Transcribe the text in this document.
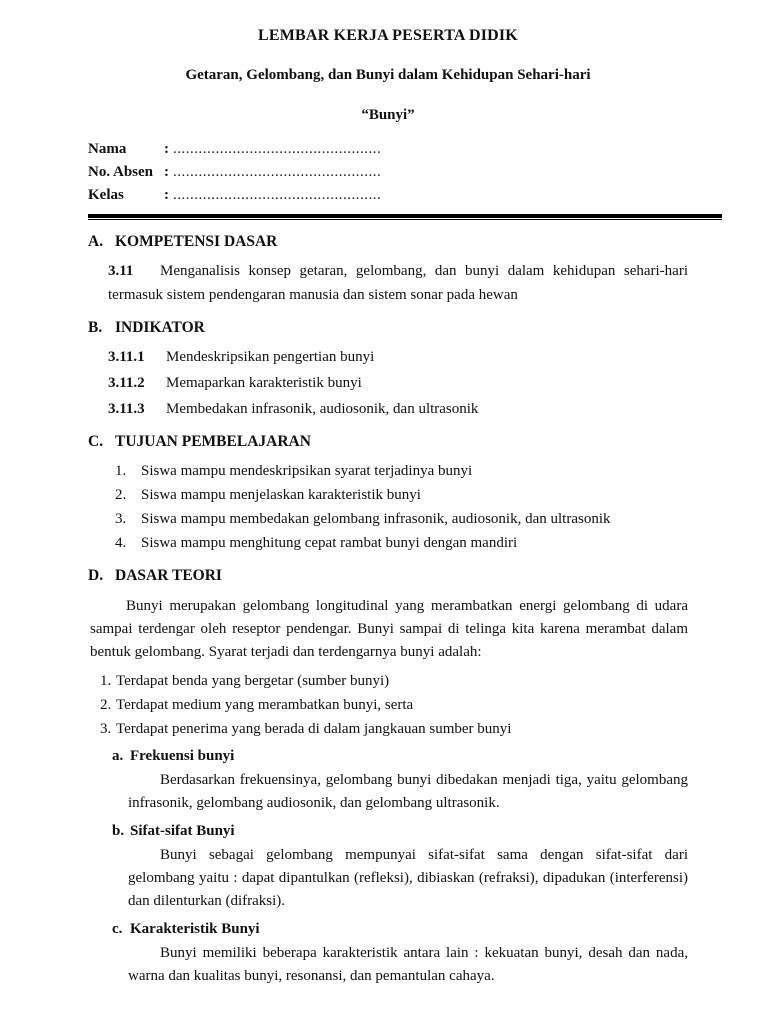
LEMBAR KERJA PESERTA DIDIK
Getaran, Gelombang, dan Bunyi dalam Kehidupan Sehari-hari
“Bunyi”
Nama	: .................................................
No. Absen : .................................................
Kelas	: .................................................
A. KOMPETENSI DASAR
3.11 Menganalisis konsep getaran, gelombang, dan bunyi dalam kehidupan sehari-hari termasuk sistem pendengaran manusia dan sistem sonar pada hewan
B. INDIKATOR
3.11.1 Mendeskripsikan pengertian bunyi
3.11.2 Memaparkan karakteristik bunyi
3.11.3 Membedakan infrasonik, audiosonik, dan ultrasonik
C. TUJUAN PEMBELAJARAN
1. Siswa mampu mendeskripsikan syarat terjadinya bunyi
2. Siswa mampu menjelaskan karakteristik bunyi
3. Siswa mampu membedakan gelombang infrasonik, audiosonik, dan ultrasonik
4. Siswa mampu menghitung cepat rambat bunyi dengan mandiri
D. DASAR TEORI
Bunyi merupakan gelombang longitudinal yang merambatkan energi gelombang di udara sampai terdengar oleh reseptor pendengar. Bunyi sampai di telinga kita karena merambat dalam bentuk gelombang. Syarat terjadi dan terdengarnya bunyi adalah:
1. Terdapat benda yang bergetar (sumber bunyi)
2. Terdapat medium yang merambatkan bunyi, serta
3. Terdapat penerima yang berada di dalam jangkauan sumber bunyi
a. Frekuensi bunyi
Berdasarkan frekuensinya, gelombang bunyi dibedakan menjadi tiga, yaitu gelombang infrasonik, gelombang audiosonik, dan gelombang ultrasonik.
b. Sifat-sifat Bunyi
Bunyi sebagai gelombang mempunyai sifat-sifat sama dengan sifat-sifat dari gelombang yaitu : dapat dipantulkan (refleksi), dibiaskan (refraksi), dipadukan (interferensi) dan dilenturkan (difraksi).
c. Karakteristik Bunyi
Bunyi memiliki beberapa karakteristik antara lain : kekuatan bunyi, desah dan nada, warna dan kualitas bunyi, resonansi, dan pemantulan cahaya.
